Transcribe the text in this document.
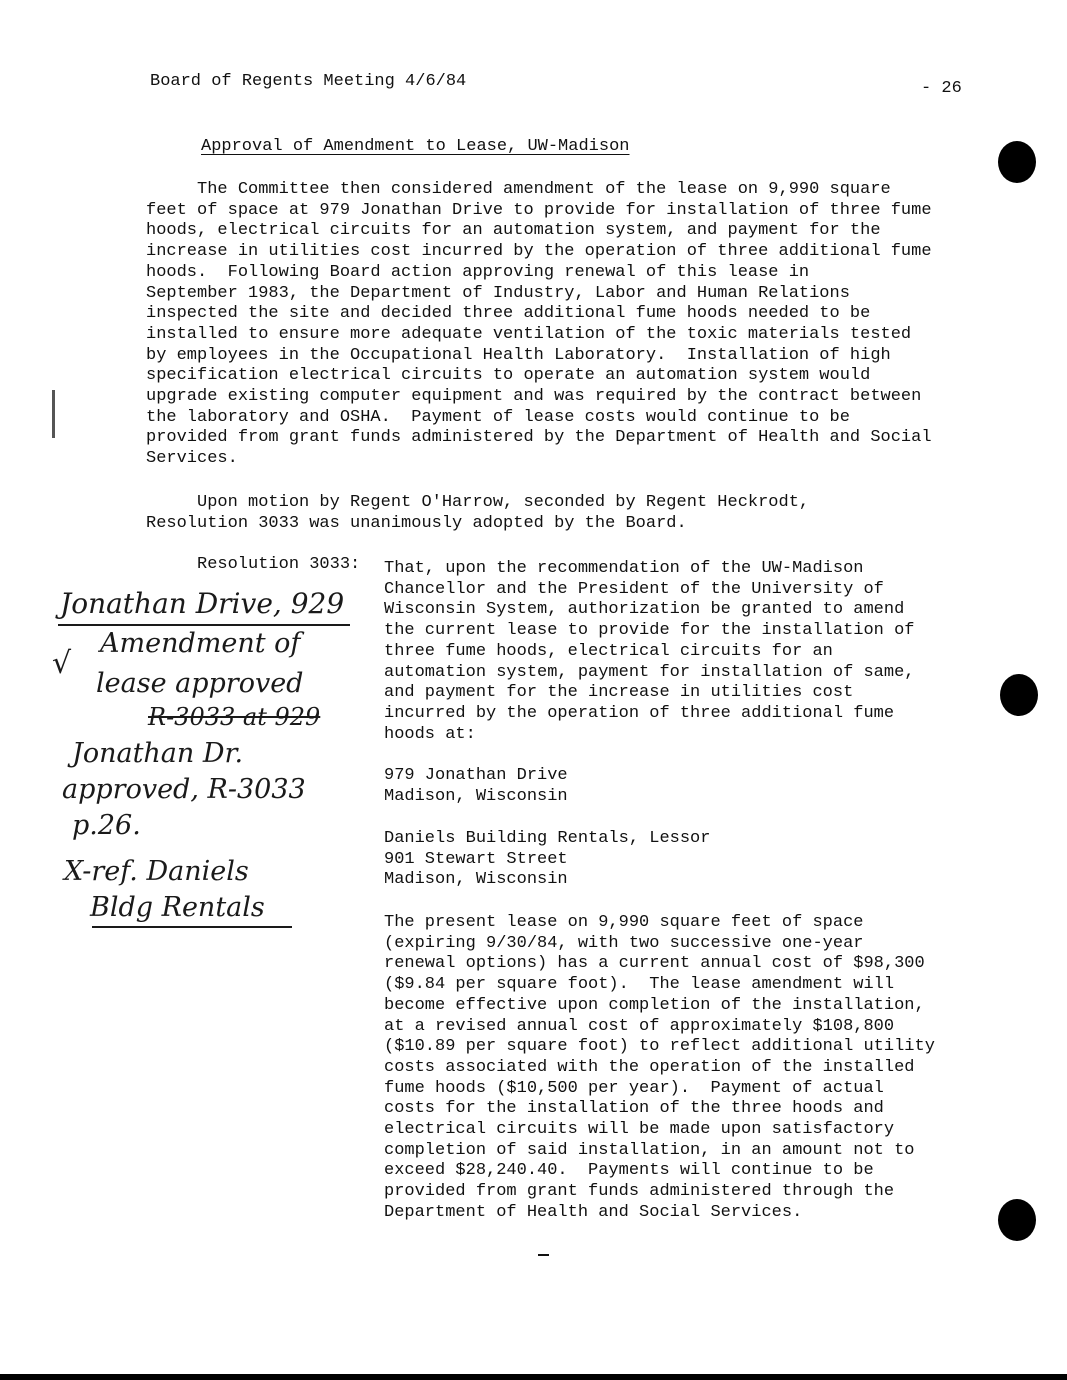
Board of Regents Meeting 4/6/84	- 26
Approval of Amendment to Lease, UW-Madison
The Committee then considered amendment of the lease on 9,990 square
feet of space at 979 Jonathan Drive to provide for installation of three fume
hoods, electrical circuits for an automation system, and payment for the
increase in utilities cost incurred by the operation of three additional fume
hoods.  Following Board action approving renewal of this lease in
September 1983, the Department of Industry, Labor and Human Relations
inspected the site and decided three additional fume hoods needed to be
installed to ensure more adequate ventilation of the toxic materials tested
by employees in the Occupational Health Laboratory.  Installation of high
specification electrical circuits to operate an automation system would
upgrade existing computer equipment and was required by the contract between
the laboratory and OSHA.  Payment of lease costs would continue to be
provided from grant funds administered by the Department of Health and Social
Services.
Upon motion by Regent O'Harrow, seconded by Regent Heckrodt,
Resolution 3033 was unanimously adopted by the Board.
Resolution 3033: That, upon the recommendation of the UW-Madison
Chancellor and the President of the University of
Wisconsin System, authorization be granted to amend
the current lease to provide for the installation of
three fume hoods, electrical circuits for an
automation system, payment for installation of same,
and payment for the increase in utilities cost
incurred by the operation of three additional fume
hoods at:
979 Jonathan Drive
Madison, Wisconsin
Daniels Building Rentals, Lessor
901 Stewart Street
Madison, Wisconsin
The present lease on 9,990 square feet of space
(expiring 9/30/84, with two successive one-year
renewal options) has a current annual cost of $98,300
($9.84 per square foot).  The lease amendment will
become effective upon completion of the installation,
at a revised annual cost of approximately $108,800
($10.89 per square foot) to reflect additional utility
costs associated with the operation of the installed
fume hoods ($10,500 per year).  Payment of actual
costs for the installation of the three hoods and
electrical circuits will be made upon satisfactory
completion of said installation, in an amount not to
exceed $28,240.40.  Payments will continue to be
provided from grant funds administered through the
Department of Health and Social Services.
Jonathan Drive, 929
Amendment of
√
lease approved
R-3033 at 929
Jonathan Dr.
approved, R-3033
p.26.
X-ref. Daniels
Bldg Rentals
